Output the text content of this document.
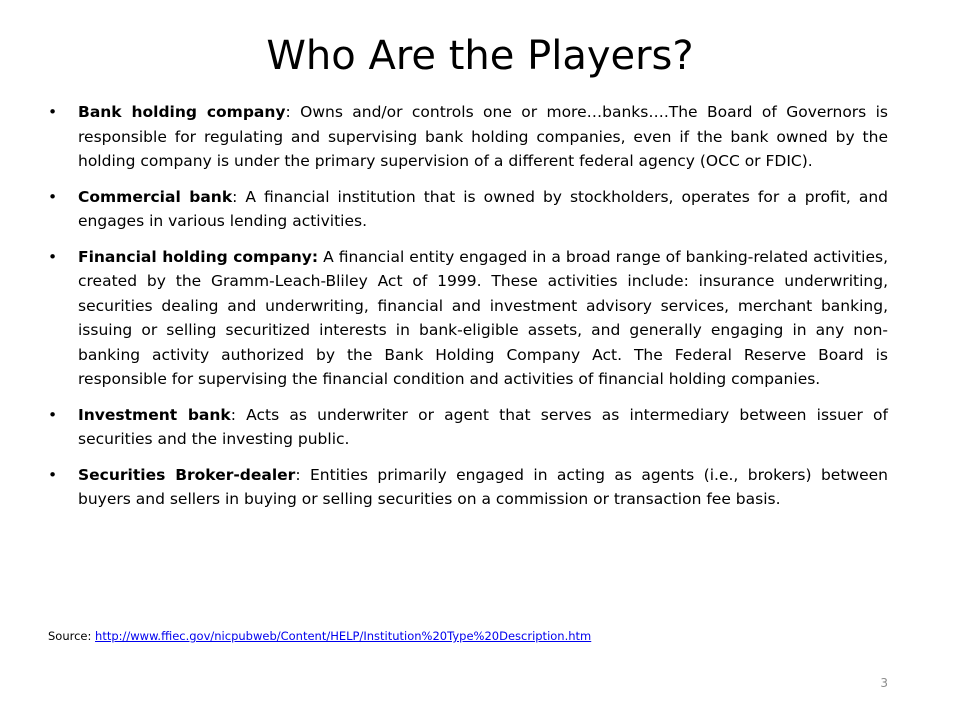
Who Are the Players?
• Bank holding company: Owns and/or controls one or more…banks….The Board of Governors is responsible for regulating and supervising bank holding companies, even if the bank owned by the holding company is under the primary supervision of a different federal agency (OCC or FDIC).
• Commercial bank: A financial institution that is owned by stockholders, operates for a profit, and engages in various lending activities.
• Financial holding company: A financial entity engaged in a broad range of banking-related activities, created by the Gramm-Leach-Bliley Act of 1999. These activities include: insurance underwriting, securities dealing and underwriting, financial and investment advisory services, merchant banking, issuing or selling securitized interests in bank-eligible assets, and generally engaging in any non-banking activity authorized by the Bank Holding Company Act. The Federal Reserve Board is responsible for supervising the financial condition and activities of financial holding companies.
• Investment bank: Acts as underwriter or agent that serves as intermediary between issuer of securities and the investing public.
• Securities Broker-dealer: Entities primarily engaged in acting as agents (i.e., brokers) between buyers and sellers in buying or selling securities on a commission or transaction fee basis.
Source: http://www.ffiec.gov/nicpubweb/Content/HELP/Institution%20Type%20Description.htm
3
